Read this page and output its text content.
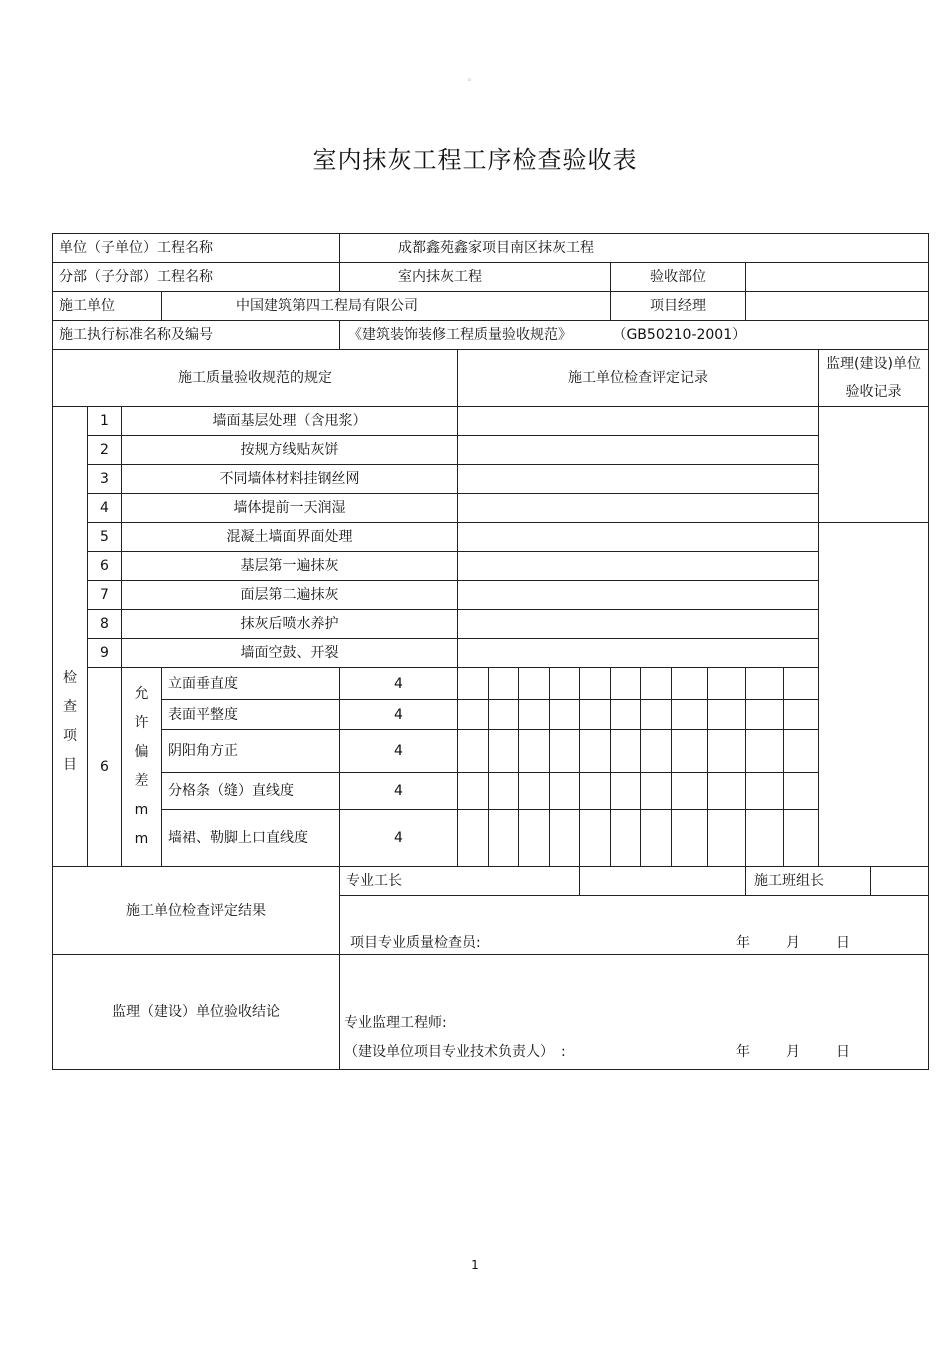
。
室内抹灰工程工序检查验收表
单位（子单位）工程名称	成都鑫苑鑫家项目南区抹灰工程
分部（子分部）工程名称	室内抹灰工程	验收部位	
施工单位	中国建筑第四工程局有限公司	项目经理	
施工执行标准名称及编号	《建筑装饰装修工程质量验收规范》	（GB50210-2001）
施工质量验收规范的规定	施工单位检查评定记录	监理(建设)单位验收记录

检查项目
	1	墙面基层处理（含甩浆）		
2	按规方线贴灰饼	
3	不同墙体材料挂钢丝网	
4	墙体提前一天润湿	
5	混凝土墙面界面处理		
6	基层第一遍抹灰	
7	面层第二遍抹灰	
8	抹灰后喷水养护	
9	墙面空鼓、开裂	
6	
允许偏差mm
	立面垂直度	4											
表面平整度	4											
阴阳角方正	4											
分格条（缝）直线度	4											
墙裙、勒脚上口直线度	4											
施工单位检查评定结果	专业工长			施工班组长	

项目专业质量检查员:	年	月	日

监理（建设）单位验收结论	
专业监理工程师:
（建设单位项目专业技术负责人）　:	年	月	日
1
